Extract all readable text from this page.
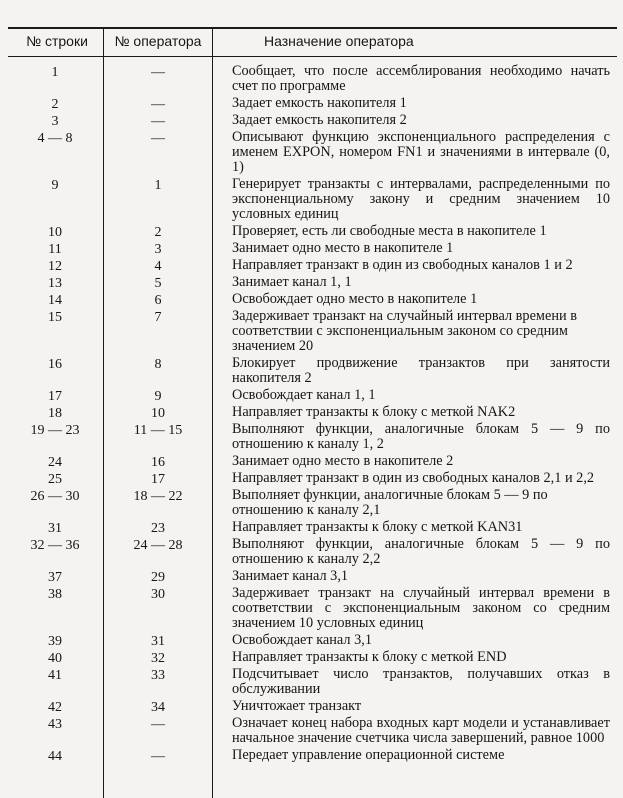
№ строки	№ оператора	Назначение оператора
1	—	Сообщает, что после ассемблирования необходимо начать счет по программе
2	—	Задает емкость накопителя 1
3	—	Задает емкость накопителя 2
4 — 8	—	Описывают функцию экспоненциального распределения с именем EXPON, номером FN1 и значениями в интервале (0, 1)
9	1	Генерирует транзакты с интервалами, распределенными по экспоненциальному закону и средним значением 10 условных единиц
10	2	Проверяет, есть ли свободные места в накопителе 1
11	3	Занимает одно место в накопителе 1
12	4	Направляет транзакт в один из свободных каналов 1 и 2
13	5	Занимает канал 1, 1
14	6	Освобождает одно место в накопителе 1
15	7	Задерживает транзакт на случайный интервал времени в соответствии с экспоненциальным законом со средним значением 20
16	8	Блокирует продвижение транзактов при занятости накопителя 2
17	9	Освобождает канал 1, 1
18	10	Направляет транзакты к блоку с меткой NAK2
19 — 23	11 — 15	Выполняют функции, аналогичные блокам 5 — 9 по отношению к каналу 1, 2
24	16	Занимает одно место в накопителе 2
25	17	Направляет транзакт в один из свободных каналов 2,1 и 2,2
26 — 30	18 — 22	Выполняет функции, аналогичные блокам 5 — 9 по отношению к каналу 2,1
31	23	Направляет транзакты к блоку с меткой KAN31
32 — 36	24 — 28	Выполняют функции, аналогичные блокам 5 — 9 по отношению к каналу 2,2
37	29	Занимает канал 3,1
38	30	Задерживает транзакт на случайный интервал времени в соответствии с экспоненциальным законом со средним значением 10 условных единиц
39	31	Освобождает канал 3,1
40	32	Направляет транзакты к блоку с меткой END
41	33	Подсчитывает число транзактов, получавших отказ в обслуживании
42	34	Уничтожает транзакт
43	—	Означает конец набора входных карт модели и устанавливает начальное значение счетчика числа завершений, равное 1000
44	—	Передает управление операционной системе
